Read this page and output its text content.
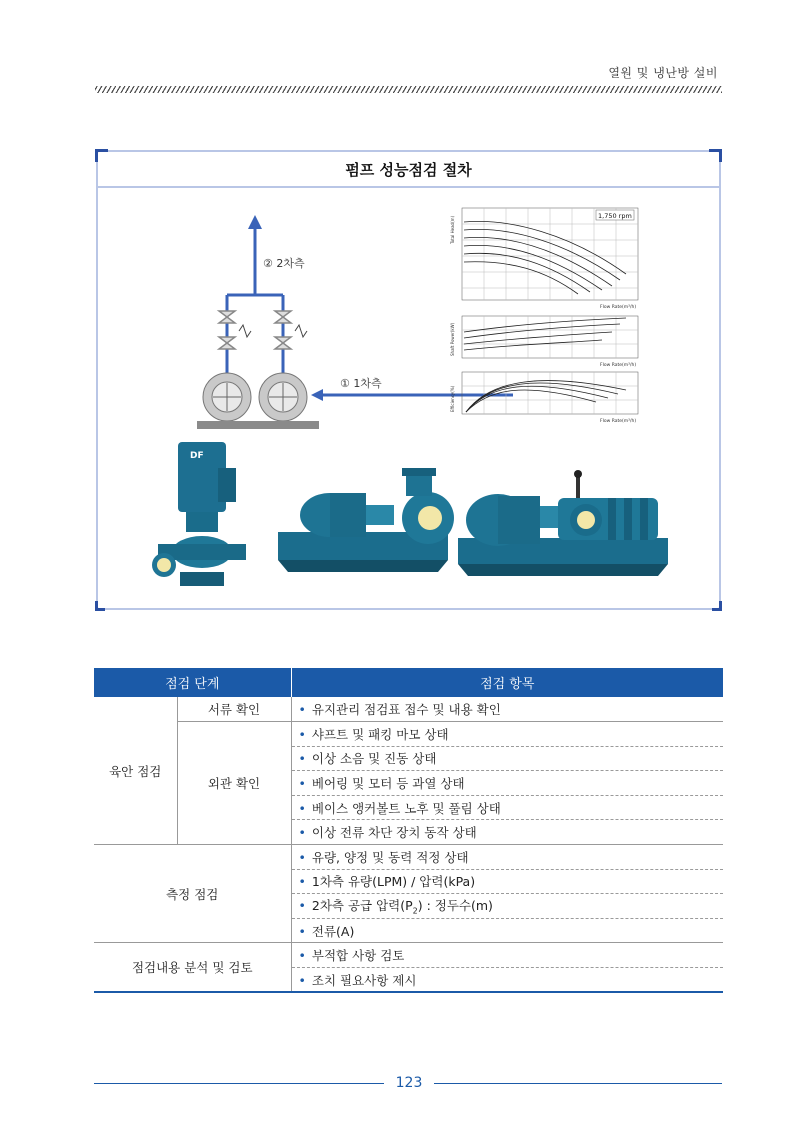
열원 및 냉난방 설비
펌프 성능점검 절차
② 2차측
① 1차측
1,750 rpm
Flow Rate(m³/h)
Flow Rate(m³/h)
Flow Rate(m³/h)
Total Head(m)
Shaft Power(kW)
Efficiency(%)
DF
점검 단계		점검 항목
육안 점검	서류 확인	• 유지관리 점검표 접수 및 내용 확인
	외관 확인	• 샤프트 및 패킹 마모 상태
		• 이상 소음 및 진동 상태
		• 베어링 및 모터 등 과열 상태
		• 베이스 앵커볼트 노후 및 풀림 상태
		• 이상 전류 차단 장치 동작 상태
측정 점검		• 유량, 양정 및 동력 적정 상태
		• 1차측 유량(LPM) / 압력(kPa)
		• 2차측 공급 압력$(P_2)$ : 정두수(m)
		• 전류(A)
점검내용 분석 및 검토		• 부적합 사항 검토
		• 조치 필요사항 제시
123
